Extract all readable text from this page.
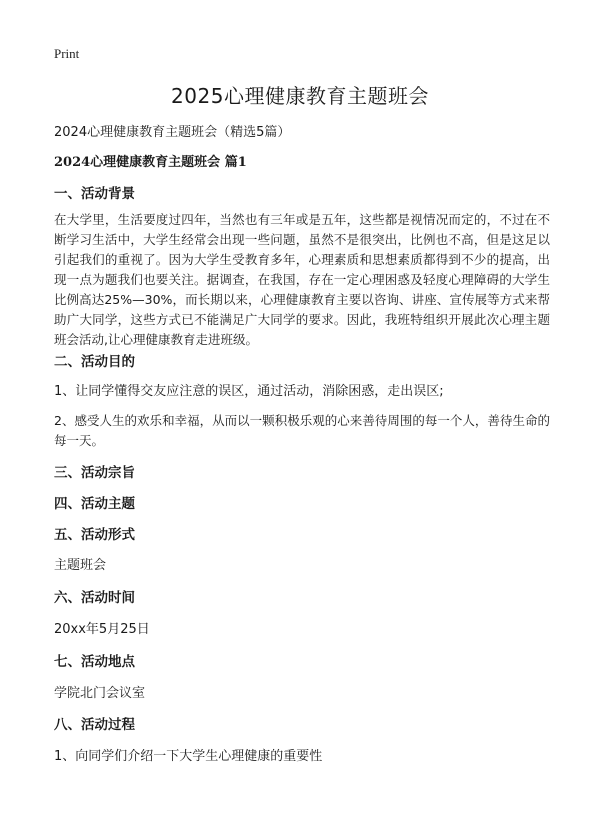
Print
2025心理健康教育主题班会

2024心理健康教育主题班会（精选5篇）

2024心理健康教育主题班会 篇1

一、活动背景

在大学里，生活要度过四年，当然也有三年或是五年，这些都是视情况而定的，不过在不断学习生活中，大学生经常会出现一些问题，虽然不是很突出，比例也不高，但是这足以引起我们的重视了。因为大学生受教育多年，心理素质和思想素质都得到不少的提高，出现一点为题我们也要关注。据调查，在我国，存在一定心理困惑及轻度心理障碍的大学生比例高达25%—30%，而长期以来，心理健康教育主要以咨询、讲座、宣传展等方式来帮助广大同学，这些方式已不能满足广大同学的要求。因此，我班特组织开展此次心理主题班会活动,让心理健康教育走进班级。

二、活动目的

1、让同学懂得交友应注意的误区，通过活动，消除困惑，走出误区;

2、感受人生的欢乐和幸福，从而以一颗积极乐观的心来善待周围的每一个人，善待生命的每一天。

三、活动宗旨

四、活动主题

五、活动形式

主题班会

六、活动时间

20xx年5月25日

七、活动地点

学院北门会议室

八、活动过程

1、向同学们介绍一下大学生心理健康的重要性
